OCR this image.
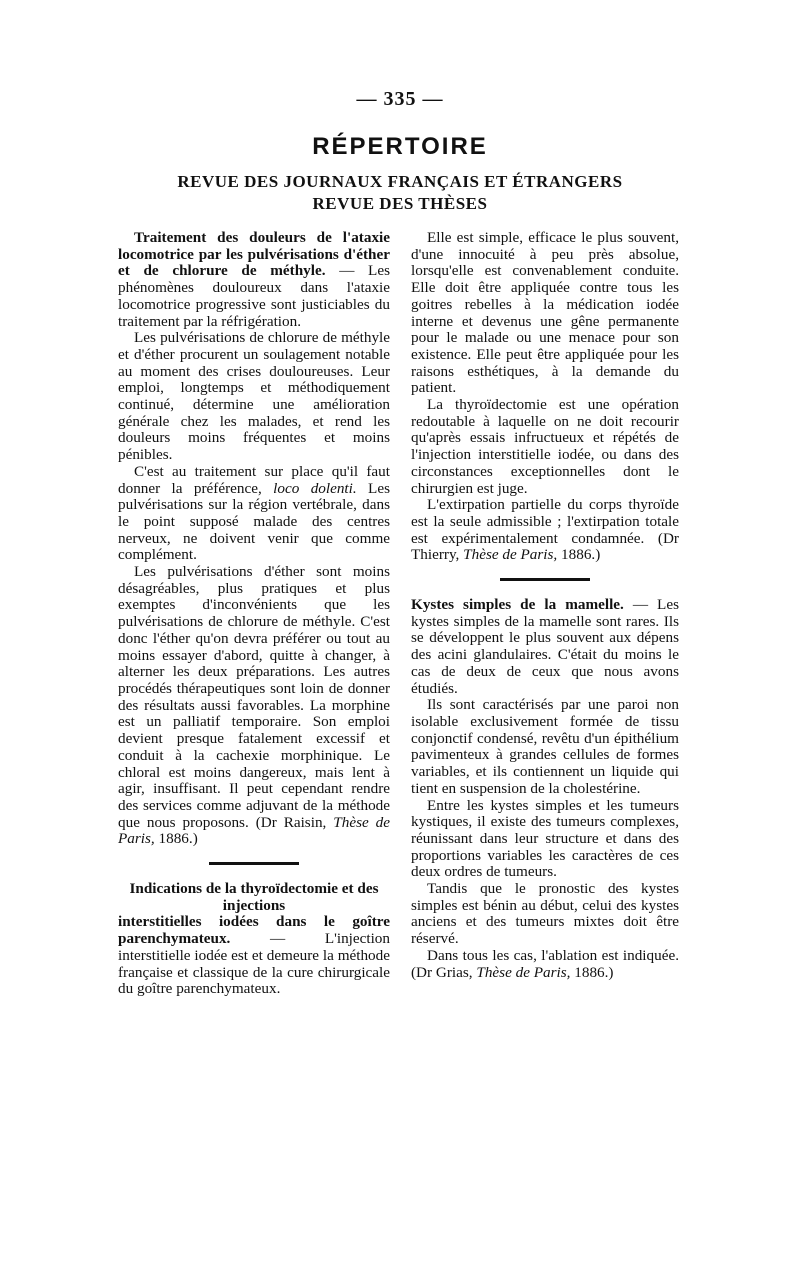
— 335 —
RÉPERTOIRE
REVUE DES JOURNAUX FRANÇAIS ET ÉTRANGERS
REVUE DES THÈSES

Traitement des douleurs de l'ataxie locomotrice par les pulvérisations d'éther et de chlorure de méthyle. — Les phénomènes douloureux dans l'ataxie locomotrice progressive sont justiciables du traitement par la réfrigération.

Les pulvérisations de chlorure de méthyle et d'éther procurent un soulagement notable au moment des crises douloureuses. Leur emploi, longtemps et méthodiquement continué, détermine une amélioration générale chez les malades, et rend les douleurs moins fréquentes et moins pénibles.

C'est au traitement sur place qu'il faut donner la préférence, loco dolenti. Les pulvérisations sur la région vertébrale, dans le point supposé malade des centres nerveux, ne doivent venir que comme complément.

Les pulvérisations d'éther sont moins désagréables, plus pratiques et plus exemptes d'inconvénients que les pulvérisations de chlorure de méthyle. C'est donc l'éther qu'on devra préférer ou tout au moins essayer d'abord, quitte à changer, à alterner les deux préparations. Les autres procédés thérapeutiques sont loin de donner des résultats aussi favorables. La morphine est un palliatif temporaire. Son emploi devient presque fatalement excessif et conduit à la cachexie morphinique. Le chloral est moins dangereux, mais lent à agir, insuffisant. Il peut cependant rendre des services comme adjuvant de la méthode que nous proposons. (Dr Raisin, Thèse de Paris, 1886.)

Indications de la thyroïdectomie et des injections
interstitielles iodées dans le goître parenchymateux. — L'injection interstitielle iodée est et demeure la méthode française et classique de la cure chirurgicale du goître parenchymateux.

Elle est simple, efficace le plus souvent, d'une innocuité à peu près absolue, lorsqu'elle est convenablement conduite. Elle doit être appliquée contre tous les goitres rebelles à la médication iodée interne et devenus une gêne permanente pour le malade ou une menace pour son existence. Elle peut être appliquée pour les raisons esthétiques, à la demande du patient.

La thyroïdectomie est une opération redoutable à laquelle on ne doit recourir qu'après essais infructueux et répétés de l'injection interstitielle iodée, ou dans des circonstances exceptionnelles dont le chirurgien est juge.

L'extirpation partielle du corps thyroïde est la seule admissible ; l'extirpation totale est expérimentalement condamnée. (Dr Thierry, Thèse de Paris, 1886.)

Kystes simples de la mamelle. — Les kystes simples de la mamelle sont rares. Ils se développent le plus souvent aux dépens des acini glandulaires. C'était du moins le cas de deux de ceux que nous avons étudiés.

Ils sont caractérisés par une paroi non isolable exclusivement formée de tissu conjonctif condensé, revêtu d'un épithélium pavimenteux à grandes cellules de formes variables, et ils contiennent un liquide qui tient en suspension de la cholestérine.

Entre les kystes simples et les tumeurs kystiques, il existe des tumeurs complexes, réunissant dans leur structure et dans des proportions variables les caractères de ces deux ordres de tumeurs.

Tandis que le pronostic des kystes simples est bénin au début, celui des kystes anciens et des tumeurs mixtes doit être réservé.

Dans tous les cas, l'ablation est indiquée. (Dr Grias, Thèse de Paris, 1886.)
